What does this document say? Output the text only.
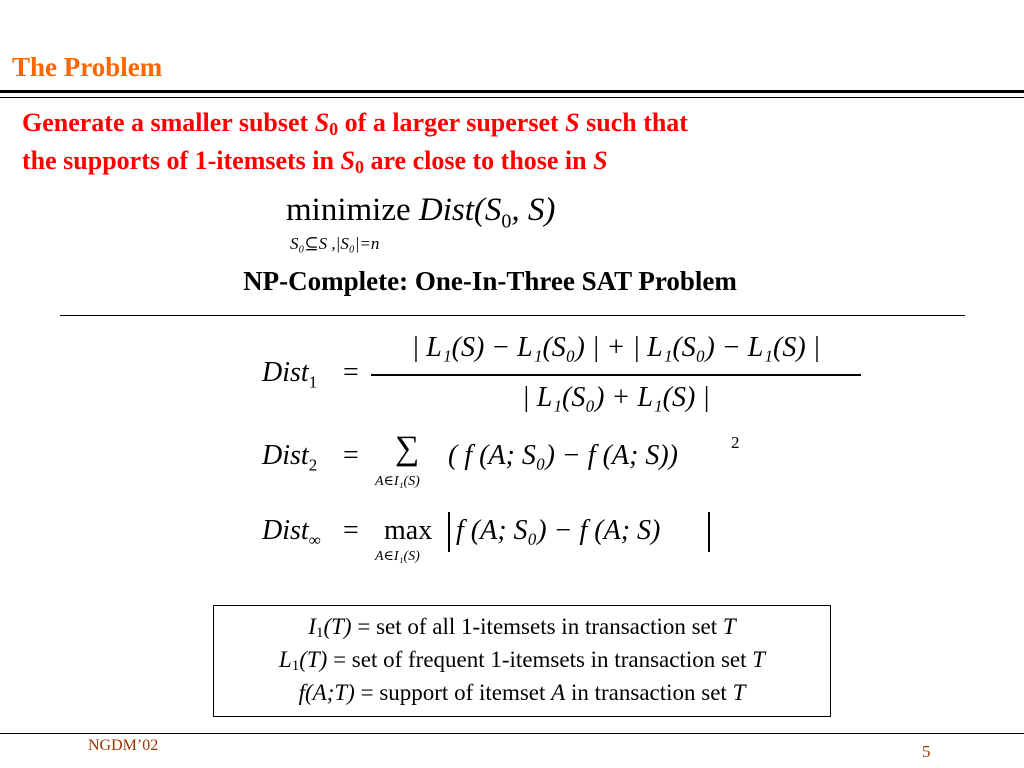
The Problem
Generate a smaller subset $S_0$ of a larger superset S such that
the supports of 1-itemsets in $S_0$ are close to those in S
minimize $Dist(S_0$, S)
S₀⊆S ,|S₀|=n
NP-Complete: One-In-Three SAT Problem
Dist$_1$ =
| L₁(S) − L₁(S₀) | + | L₁(S₀) − L₁(S) |
| L₁(S₀) + L₁(S) |
Dist$_2$ = ∑
A∈I₁(S)
( f (A; S₀) − f (A; S))	2
Dist$_\infty$ = max
A∈I₁(S)
f (A; S₀) − f (A; S)
$I_1(T)$ = set of all 1-itemsets in transaction set T
$L_1(T)$ = set of frequent 1-itemsets in transaction set T
f(A;T) = support of itemset A in transaction set T
NGDM’02	5
